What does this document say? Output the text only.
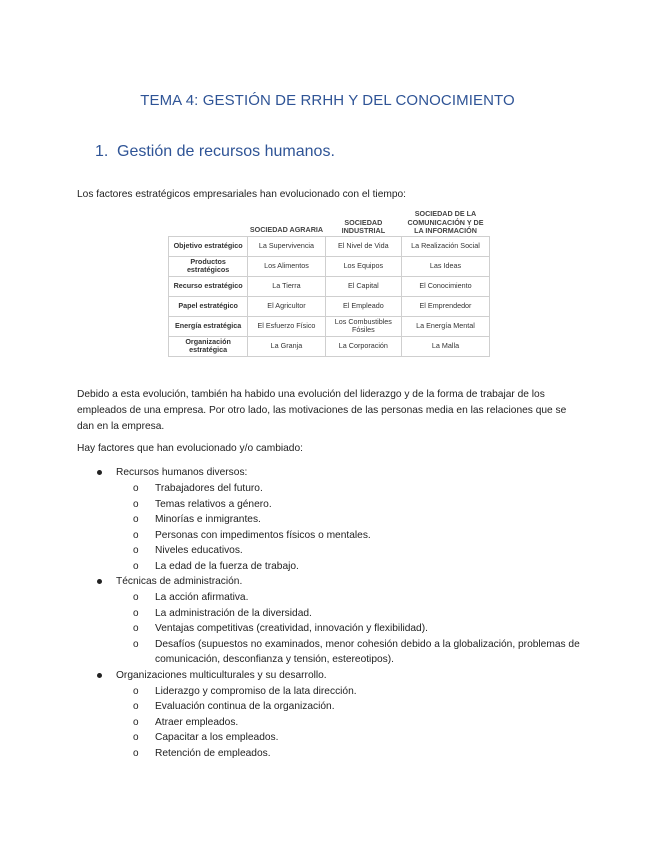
TEMA 4: GESTIÓN DE RRHH Y DEL CONOCIMIENTO
1. Gestión de recursos humanos.
Los factores estratégicos empresariales han evolucionado con el tiempo:
	SOCIEDAD AGRARIA	SOCIEDAD INDUSTRIAL	SOCIEDAD DE LA COMUNICACIÓN Y DE LA INFORMACIÓN
Objetivo estratégico	La Supervivencia	El Nivel de Vida	La Realización Social
Productos estratégicos	Los Alimentos	Los Equipos	Las Ideas
Recurso estratégico	La Tierra	El Capital	El Conocimiento
Papel estratégico	El Agricultor	El Empleado	El Emprendedor
Energía estratégica	El Esfuerzo Físico	Los Combustibles Fósiles	La Energía Mental
Organización estratégica	La Granja	La Corporación	La Malla
Debido a esta evolución, también ha habido una evolución del liderazgo y de la forma de trabajar de los empleados de una empresa. Por otro lado, las motivaciones de las personas media en las relaciones que se dan en la empresa.
Hay factores que han evolucionado y/o cambiado:
Recursos humanos diversos:
o Trabajadores del futuro.
o Temas relativos a género.
o Minorías e inmigrantes.
o Personas con impedimentos físicos o mentales.
o Niveles educativos.
o La edad de la fuerza de trabajo.
Técnicas de administración.
o La acción afirmativa.
o La administración de la diversidad.
o Ventajas competitivas (creatividad, innovación y flexibilidad).
o Desafíos (supuestos no examinados, menor cohesión debido a la globalización, problemas de comunicación, desconfianza y tensión, estereotipos).
Organizaciones multiculturales y su desarrollo.
o Liderazgo y compromiso de la lata dirección.
o Evaluación continua de la organización.
o Atraer empleados.
o Capacitar a los empleados.
o Retención de empleados.
